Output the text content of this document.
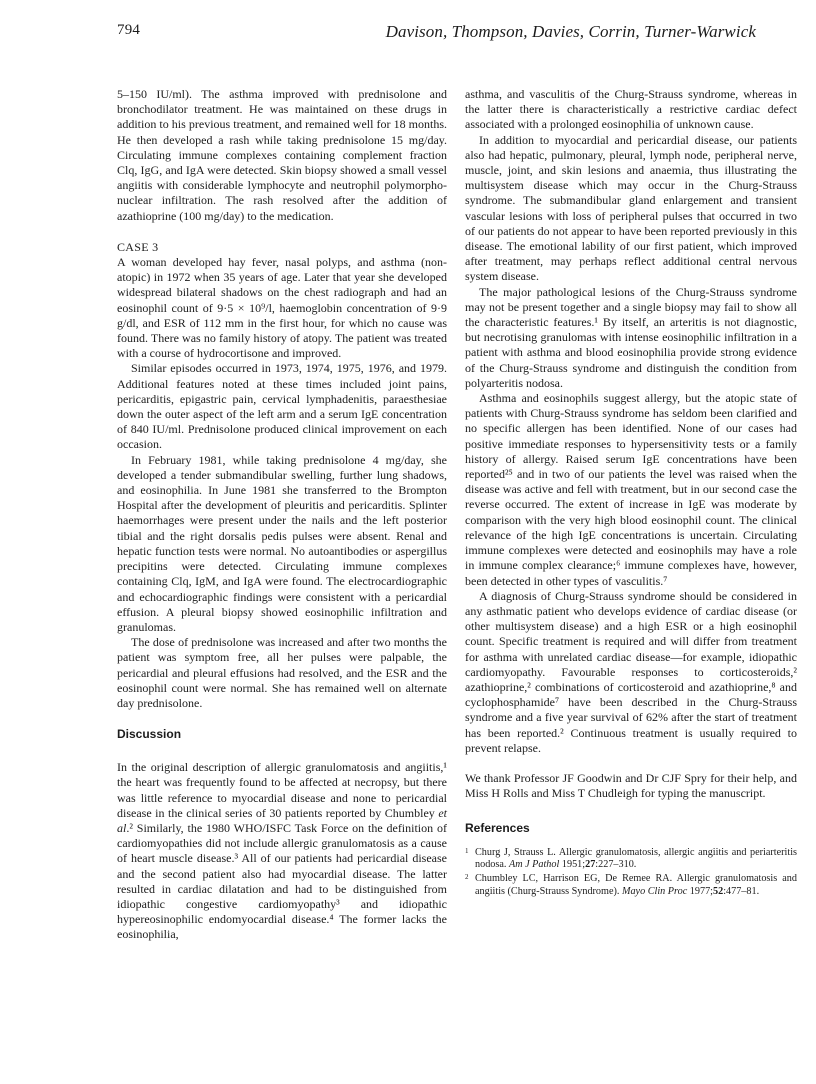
794	Davison, Thompson, Davies, Corrin, Turner-Warwick

5–150 IU/ml). The asthma improved with prednisolone and bronchodilator treatment. He was maintained on these drugs in addition to his previous treatment, and remained well for 18 months. He then developed a rash while taking prednisolone 15 mg/day. Circulating immune complexes containing complement fraction Clq, IgG, and IgA were detected. Skin biopsy showed a small vessel angiitis with considerable lymphocyte and neutrophil polymorpho-nuclear infiltration. The rash resolved after the addition of azathioprine (100 mg/day) to the medication.

CASE 3

A woman developed hay fever, nasal polyps, and asthma (non-atopic) in 1972 when 35 years of age. Later that year she developed widespread bilateral shadows on the chest radiograph and had an eosinophil count of 9·5 × 10⁹/l, haemoglobin concentration of 9·9 g/dl, and ESR of 112 mm in the first hour, for which no cause was found. There was no family history of atopy. The patient was treated with a course of hydrocortisone and improved.

Similar episodes occurred in 1973, 1974, 1975, 1976, and 1979. Additional features noted at these times included joint pains, pericarditis, epigastric pain, cervical lymphadenitis, paraesthesiae down the outer aspect of the left arm and a serum IgE concentration of 840 IU/ml. Prednisolone produced clinical improvement on each occasion.

In February 1981, while taking prednisolone 4 mg/day, she developed a tender submandibular swelling, further lung shadows, and eosinophilia. In June 1981 she transferred to the Brompton Hospital after the development of pleuritis and pericarditis. Splinter haemorrhages were present under the nails and the left posterior tibial and the right dorsalis pedis pulses were absent. Renal and hepatic function tests were normal. No autoantibodies or aspergillus precipitins were detected. Circulating immune complexes containing Clq, IgM, and IgA were found. The electrocardiographic and echocardiographic findings were consistent with a pericardial effusion. A pleural biopsy showed eosinophilic infiltration and granulomas.

The dose of prednisolone was increased and after two months the patient was symptom free, all her pulses were palpable, the pericardial and pleural effusions had resolved, and the ESR and the eosinophil count were normal. She has remained well on alternate day prednisolone.

Discussion

In the original description of allergic granulomatosis and angiitis,¹ the heart was frequently found to be affected at necropsy, but there was little reference to myocardial disease and none to pericardial disease in the clinical series of 30 patients reported by Chumbley et al.² Similarly, the 1980 WHO/ISFC Task Force on the definition of cardiomyopathies did not include allergic granulomatosis as a cause of heart muscle disease.³ All of our patients had pericardial disease and the second patient also had myocardial disease. The latter resulted in cardiac dilatation and had to be distinguished from idiopathic congestive cardiomyopathy³ and idiopathic hypereosinophilic endomyocardial disease.⁴ The former lacks the eosinophilia,

asthma, and vasculitis of the Churg-Strauss syndrome, whereas in the latter there is characteristically a restrictive cardiac defect associated with a prolonged eosinophilia of unknown cause.

In addition to myocardial and pericardial disease, our patients also had hepatic, pulmonary, pleural, lymph node, peripheral nerve, muscle, joint, and skin lesions and anaemia, thus illustrating the multisystem disease which may occur in the Churg-Strauss syndrome. The submandibular gland enlargement and transient vascular lesions with loss of peripheral pulses that occurred in two of our patients do not appear to have been reported previously in this disease. The emotional lability of our first patient, which improved after treatment, may perhaps reflect additional central nervous system disease.

The major pathological lesions of the Churg-Strauss syndrome may not be present together and a single biopsy may fail to show all the characteristic features.¹ By itself, an arteritis is not diagnostic, but necrotising granulomas with intense eosinophilic infiltration in a patient with asthma and blood eosinophilia provide strong evidence of the Churg-Strauss syndrome and distinguish the condition from polyarteritis nodosa.

Asthma and eosinophils suggest allergy, but the atopic state of patients with Churg-Strauss syndrome has seldom been clarified and no specific allergen has been identified. None of our cases had positive immediate responses to hypersensitivity tests or a family history of allergy. Raised serum IgE concentrations have been reported²⁵ and in two of our patients the level was raised when the disease was active and fell with treatment, but in our second case the reverse occurred. The extent of increase in IgE was moderate by comparison with the very high blood eosinophil count. The clinical relevance of the high IgE concentrations is uncertain. Circulating immune complexes were detected and eosinophils may have a role in immune complex clearance;⁶ immune complexes have, however, been detected in other types of vasculitis.⁷

A diagnosis of Churg-Strauss syndrome should be considered in any asthmatic patient who develops evidence of cardiac disease (or other multisystem disease) and a high ESR or a high eosinophil count. Specific treatment is required and will differ from treatment for asthma with unrelated cardiac disease—for example, idiopathic cardiomyopathy. Favourable responses to corticosteroids,² azathioprine,² combinations of corticosteroid and azathioprine,⁸ and cyclophosphamide⁷ have been described in the Churg-Strauss syndrome and a five year survival of 62% after the start of treatment has been reported.² Continuous treatment is usually required to prevent relapse.

We thank Professor JF Goodwin and Dr CJF Spry for their help, and Miss H Rolls and Miss T Chudleigh for typing the manuscript.

References

1 Churg J, Strauss L. Allergic granulomatosis, allergic angiitis and periarteritis nodosa. Am J Pathol 1951;27:227–310.
2 Chumbley LC, Harrison EG, De Remee RA. Allergic granulomatosis and angiitis (Churg-Strauss Syndrome). Mayo Clin Proc 1977;52:477–81.
